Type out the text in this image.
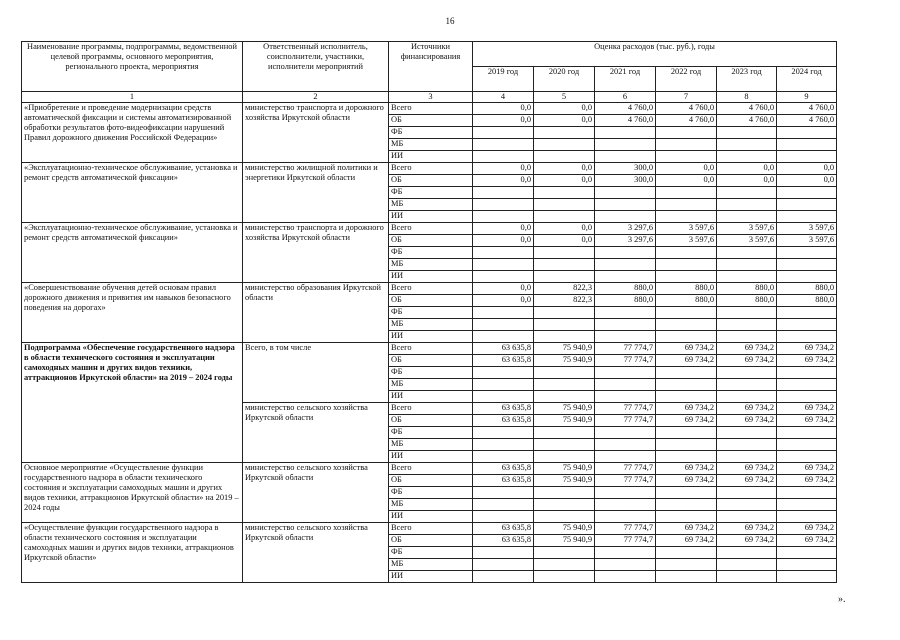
16
Наименование программы, подпрограммы, ведомственной целевой программы, основного мероприятия, регионального проекта, мероприятия	Ответственный исполнитель, соисполнители, участники, исполнители мероприятий	Источники финансирования	Оценка расходов (тыс. руб.), годы					
			2019 год	2020 год	2021 год	2022 год	2023 год	2024 год
1	2	3	4	5	6	7	8	9
«Приобретение и проведение модернизации средств автоматической фиксации и системы автоматизированной обработки результатов фото-видеофиксации нарушений Правил дорожного движения Российской Федерации»	министерство транспорта и дорожного хозяйства Иркутской области	Всего	0,0	0,0	4 760,0	4 760,0	4 760,0	4 760,0
		ОБ	0,0	0,0	4 760,0	4 760,0	4 760,0	4 760,0
		ФБ						
		МБ						
		ИИ						
«Эксплуатационно-техническое обслуживание, установка и ремонт средств автоматической фиксации»	министерство жилищной политики и энергетики Иркутской области	Всего	0,0	0,0	300,0	0,0	0,0	0,0
		ОБ	0,0	0,0	300,0	0,0	0,0	0,0
		ФБ						
		МБ						
		ИИ						
«Эксплуатационно-техническое обслуживание, установка и ремонт средств автоматической фиксации»	министерство транспорта и дорожного хозяйства Иркутской области	Всего	0,0	0,0	3 297,6	3 597,6	3 597,6	3 597,6
		ОБ	0,0	0,0	3 297,6	3 597,6	3 597,6	3 597,6
		ФБ						
		МБ						
		ИИ						
«Совершенствование обучения детей основам правил дорожного движения и привития им навыков безопасного поведения на дорогах»	министерство образования Иркутской области	Всего	0,0	822,3	880,0	880,0	880,0	880,0
		ОБ	0,0	822,3	880,0	880,0	880,0	880,0
		ФБ						
		МБ						
		ИИ						
Подпрограмма «Обеспечение государственного надзора в области технического состояния и эксплуатации самоходных машин и других видов техники, аттракционов Иркутской области» на 2019 – 2024 годы	Всего, в том числе	Всего	63 635,8	75 940,9	77 774,7	69 734,2	69 734,2	69 734,2
		ОБ	63 635,8	75 940,9	77 774,7	69 734,2	69 734,2	69 734,2
		ФБ						
		МБ						
		ИИ						
	министерство сельского хозяйства Иркутской области	Всего	63 635,8	75 940,9	77 774,7	69 734,2	69 734,2	69 734,2
		ОБ	63 635,8	75 940,9	77 774,7	69 734,2	69 734,2	69 734,2
		ФБ						
		МБ						
		ИИ						
Основное мероприятие «Осуществление функции государственного надзора в области технического состояния и эксплуатации самоходных машин и других видов техники, аттракционов Иркутской области» на 2019 – 2024 годы	министерство сельского хозяйства Иркутской области	Всего	63 635,8	75 940,9	77 774,7	69 734,2	69 734,2	69 734,2
		ОБ	63 635,8	75 940,9	77 774,7	69 734,2	69 734,2	69 734,2
		ФБ						
		МБ						
		ИИ						
«Осуществление функции государственного надзора в области технического состояния и эксплуатации самоходных машин и других видов техники, аттракционов Иркутской области»	министерство сельского хозяйства Иркутской области	Всего	63 635,8	75 940,9	77 774,7	69 734,2	69 734,2	69 734,2
		ОБ	63 635,8	75 940,9	77 774,7	69 734,2	69 734,2	69 734,2
		ФБ						
		МБ						
		ИИ						
».
